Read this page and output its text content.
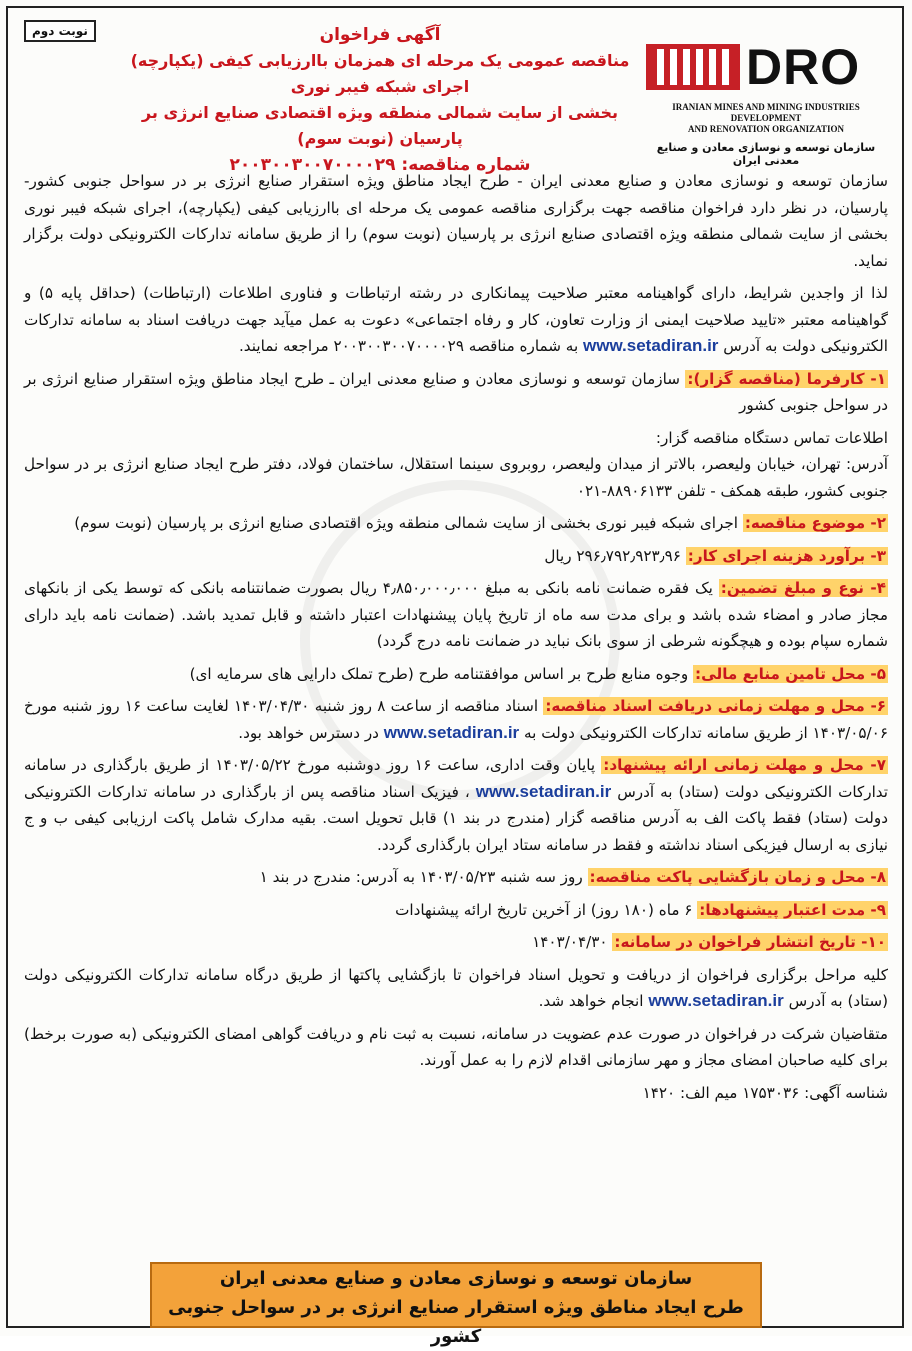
نوبت دوم	آگهی فراخوان
مناقصه عمومی یک مرحله ای همزمان باارزیابی کیفی (یکپارچه) اجرای شبکه فیبر نوری
بخشی از سایت شمالی منطقه ویژه اقتصادی صنایع انرژی بر پارسیان (نوبت سوم)
شماره مناقصه: ۲۰۰۳۰۰۳۰۰۷۰۰۰۰۲۹
DRO
IRANIAN MINES AND MINING INDUSTRIES DEVELOPMENT
AND RENOVATION ORGANIZATION
سازمان توسعه و نوسازی معادن و صنایع معدنی ایران

سازمان توسعه و نوسازی معادن و صنایع معدنی ایران - طرح ایجاد مناطق ویژه استقرار صنایع انرژی بر در سواحل جنوبی کشور- پارسیان، در نظر دارد فراخوان مناقصه جهت برگزاری مناقصه عمومی یک مرحله ای باارزیابی کیفی (یکپارچه)، اجرای شبکه فیبر نوری بخشی از سایت شمالی منطقه ویژه اقتصادی صنایع انرژی بر پارسیان (نوبت سوم) را از طریق سامانه تدارکات الکترونیکی دولت برگزار نماید.

لذا از واجدین شرایط، دارای گواهینامه معتبر صلاحیت پیمانکاری در رشته ارتباطات و فناوری اطلاعات (ارتباطات) (حداقل پایه ۵) و گواهینامه معتبر «تایید صلاحیت ایمنی از وزارت تعاون، کار و رفاه اجتماعی» دعوت به عمل میآید جهت دریافت اسناد به سامانه تدارکات الکترونیکی دولت به آدرس www.setadiran.ir به شماره مناقصه ۲۰۰۳۰۰۳۰۰۷۰۰۰۰۲۹ مراجعه نمایند.

۱- کارفرما (مناقصه گزار): سازمان توسعه و نوسازی معادن و صنایع معدنی ایران ـ طرح ایجاد مناطق ویژه استقرار صنایع انرژی بر در سواحل جنوبی کشور

اطلاعات تماس دستگاه مناقصه گزار:
آدرس: تهران، خیابان ولیعصر، بالاتر از میدان ولیعصر، روبروی سینما استقلال، ساختمان فولاد، دفتر طرح ایجاد صنایع انرژی بر در سواحل جنوبی کشور، طبقه همکف - تلفن ۸۸۹۰۶۱۳۳-۰۲۱

۲- موضوع مناقصه: اجرای شبکه فیبر نوری بخشی از سایت شمالی منطقه ویژه اقتصادی صنایع انرژی بر پارسیان (نوبت سوم)

۳- برآورد هزینه اجرای کار: ۲۹۶٫۷۹۲٫۹۲۳٫۹۶ ریال

۴- نوع و مبلغ تضمین: یک فقره ضمانت نامه بانکی به مبلغ ۴٫۸۵۰٫۰۰۰٫۰۰۰ ریال بصورت ضمانتنامه بانکی که توسط یکی از بانکهای مجاز صادر و امضاء شده باشد و برای مدت سه ماه از تاریخ پایان پیشنهادات اعتبار داشته و قابل تمدید باشد. (ضمانت نامه باید دارای شماره سپام بوده و هیچگونه شرطی از سوی بانک نباید در ضمانت نامه درج گردد)

۵- محل تامین منابع مالی: وجوه منابع طرح بر اساس موافقتنامه طرح (طرح تملک دارایی های سرمایه ای)

۶- محل و مهلت زمانی دریافت اسناد مناقصه: اسناد مناقصه از ساعت ۸ روز شنبه ۱۴۰۳/۰۴/۳۰ لغایت ساعت ۱۶ روز شنبه مورخ ۱۴۰۳/۰۵/۰۶ از طریق سامانه تدارکات الکترونیکی دولت به www.setadiran.ir در دسترس خواهد بود.

۷- محل و مهلت زمانی ارائه پیشنهاد: پایان وقت اداری، ساعت ۱۶ روز دوشنبه مورخ ۱۴۰۳/۰۵/۲۲ از طریق بارگذاری در سامانه تدارکات الکترونیکی دولت (ستاد) به آدرس www.setadiran.ir ، فیزیک اسناد مناقصه پس از بارگذاری در سامانه تدارکات الکترونیکی دولت (ستاد) فقط پاکت الف به آدرس مناقصه گزار (مندرج در بند ۱) قابل تحویل است. بقیه مدارک شامل پاکت ارزیابی کیفی ب و ج نیازی به ارسال فیزیکی اسناد نداشته و فقط در سامانه ستاد ایران بارگذاری گردد.

۸- محل و زمان بازگشایی پاکت مناقصه: روز سه شنبه ۱۴۰۳/۰۵/۲۳ به آدرس: مندرج در بند ۱

۹- مدت اعتبار پیشنهادها: ۶ ماه (۱۸۰ روز) از آخرین تاریخ ارائه پیشنهادات

۱۰- تاریخ انتشار فراخوان در سامانه: ۱۴۰۳/۰۴/۳۰

کلیه مراحل برگزاری فراخوان از دریافت و تحویل اسناد فراخوان تا بازگشایی پاکتها از طریق درگاه سامانه تدارکات الکترونیکی دولت (ستاد) به آدرس www.setadiran.ir انجام خواهد شد.

متقاضیان شرکت در فراخوان در صورت عدم عضویت در سامانه، نسبت به ثبت نام و دریافت گواهی امضای الکترونیکی (به صورت برخط) برای کلیه صاحبان امضای مجاز و مهر سازمانی اقدام لازم را به عمل آورند.

شناسه آگهی: ۱۷۵۳۰۳۶ میم الف: ۱۴۲۰

سازمان توسعه و نوسازی معادن و صنایع معدنی ایران
طرح ایجاد مناطق ویژه استقرار صنایع انرژی بر در سواحل جنوبی کشور
